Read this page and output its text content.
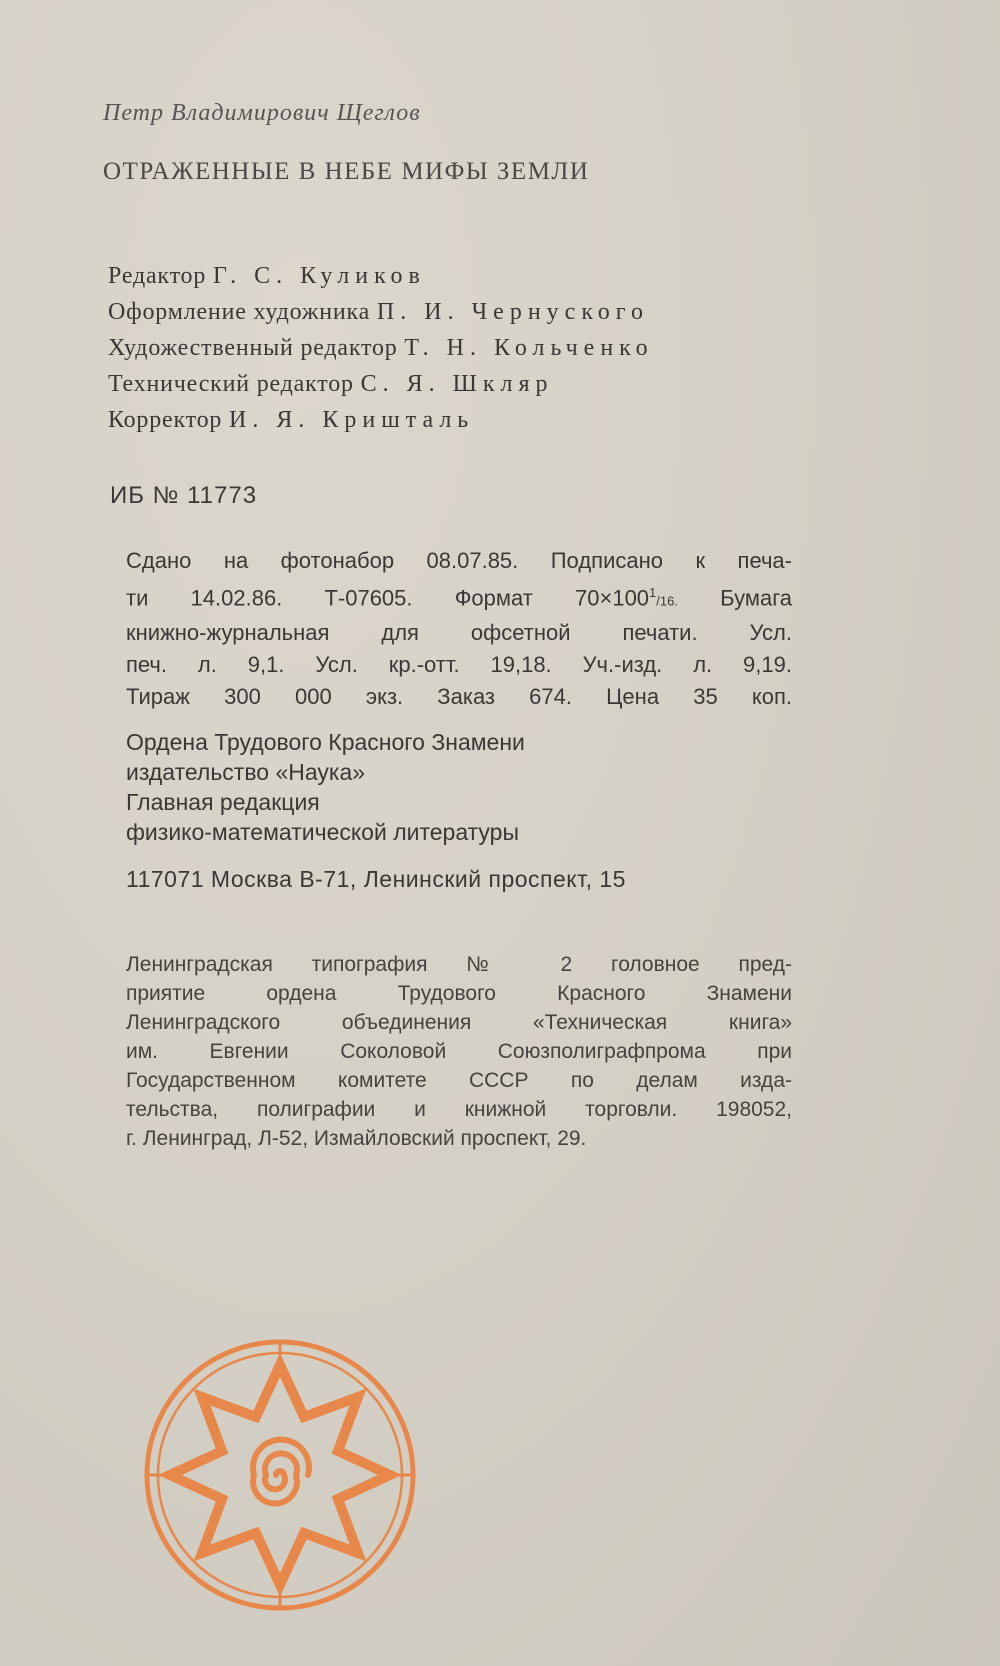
Петр Владимирович Щеглов
ОТРАЖЕННЫЕ В НЕБЕ МИФЫ ЗЕМЛИ
Редактор Г. С. Куликов
Оформление художника П. И. Чернуского
Художественный редактор Т. Н. Кольченко
Технический редактор С. Я. Шкляр
Корректор И. Я. Кришталь
ИБ № 11773
Сдано на фотонабор 08.07.85. Подписано к печа-
ти 14.02.86. Т-07605. Формат $70\times 100^1/16$. Бумага
книжно-журнальная для офсетной печати. Усл.
печ. л. 9,1. Усл. кр.-отт. 19,18. Уч.-изд. л. 9,19.
Тираж 300 000 экз. Заказ 674. Цена 35 коп.
Ордена Трудового Красного Знамени
издательство «Наука»
Главная редакция
физико-математической литературы
117071 Москва В-71, Ленинский проспект, 15
Ленинградская типография № 2 головное пред-
приятие ордена Трудового Красного Знамени
Ленинградского объединения «Техническая книга»
им. Евгении Соколовой Союзполиграфпрома при
Государственном комитете СССР по делам изда-
тельства, полиграфии и книжной торговли. 198052,
г. Ленинград, Л-52, Измайловский проспект, 29.
